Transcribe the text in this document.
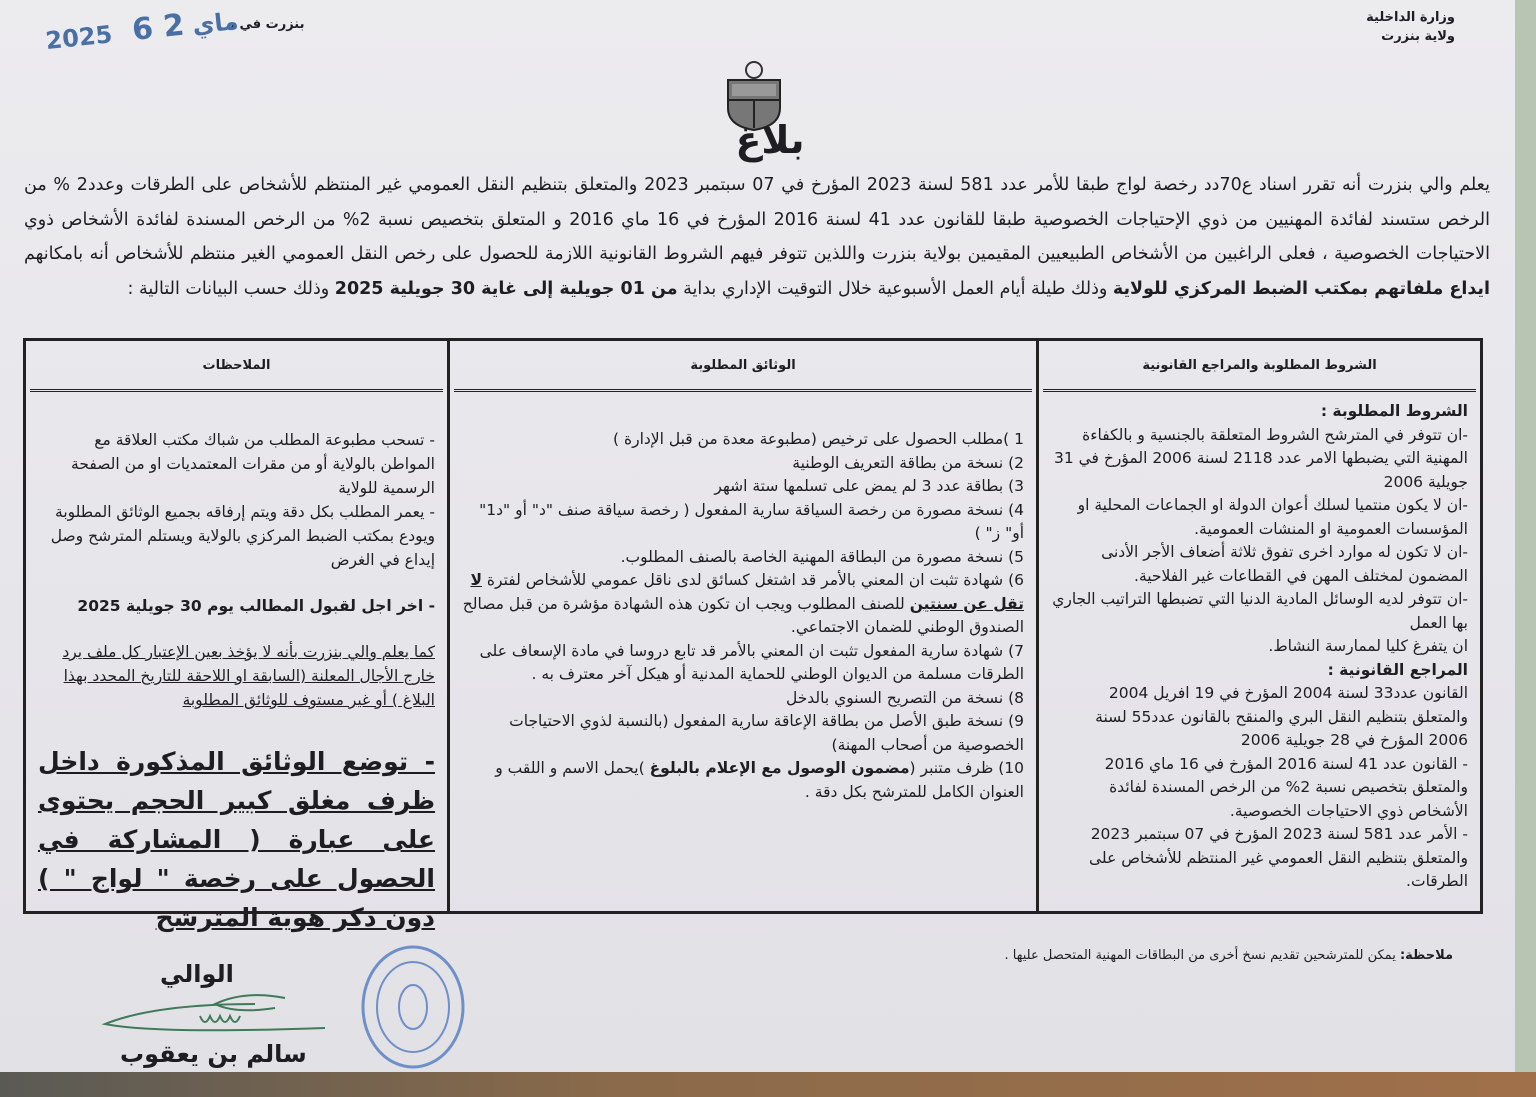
وزارة الداخلية
ولاية بنزرت
بنزرت في ،
2025	ماي 2 6
بلاغ
يعلم والي بنزرت أنه تقرر اسناد ع70دد رخصة لواج طبقا للأمر عدد 581 لسنة 2023 المؤرخ في 07 سبتمبر 2023 والمتعلق بتنظيم النقل العمومي غير المنتظم للأشخاص على الطرقات وعدد2 % من الرخص ستسند لفائدة المهنيين من ذوي الإحتياجات الخصوصية طبقا للقانون عدد 41 لسنة 2016 المؤرخ في 16 ماي 2016 و المتعلق بتخصيص نسبة 2% من الرخص المسندة لفائدة الأشخاص ذوي الاحتياجات الخصوصية ، فعلى الراغبين من الأشخاص الطبيعيين المقيمين بولاية بنزرت واللذين تتوفر فيهم الشروط القانونية اللازمة للحصول على رخص النقل العمومي الغير منتظم للأشخاص أنه بامكانهم ايداع ملفاتهم بمكتب الضبط المركزي للولاية وذلك طيلة أيام العمل الأسبوعية خلال التوقيت الإداري بداية من 01 جويلية إلى غاية 30 جويلية 2025 وذلك حسب البيانات التالية :
الشروط المطلوبة والمراجع القانونية

الشروط المطلوبة :

-ان تتوفر في المترشح الشروط المتعلقة بالجنسية و بالكفاءة المهنية التي يضبطها الامر عدد 2118 لسنة 2006 المؤرخ في 31 جويلية 2006

-ان لا يكون منتميا لسلك أعوان الدولة او الجماعات المحلية او المؤسسات العمومية او المنشات العمومية.

-ان لا تكون له موارد اخرى تفوق ثلاثة أضعاف الأجر الأدنى المضمون لمختلف المهن في القطاعات غير الفلاحية.

-ان تتوفر لديه الوسائل المادية الدنيا التي تضبطها التراتيب الجاري بها العمل

ان يتفرغ كليا لممارسة النشاط.

المراجع القانونية :

القانون عدد33 لسنة 2004 المؤرخ في 19 افريل 2004 والمتعلق بتنظيم النقل البري والمنقح بالقانون عدد55 لسنة 2006 المؤرخ في 28 جويلية 2006

- القانون عدد 41 لسنة 2016 المؤرخ في 16 ماي 2016 والمتعلق بتخصيص نسبة 2% من الرخص المسندة لفائدة الأشخاص ذوي الاحتياجات الخصوصية.

- الأمر عدد 581 لسنة 2023 المؤرخ في 07 سبتمبر 2023 والمتعلق بتنظيم النقل العمومي غير المنتظم للأشخاص على الطرقات.

الوثائق المطلوبة

1 )مطلب الحصول على ترخيص (مطبوعة معدة من قبل الإدارة )

2) نسخة من بطاقة التعريف الوطنية

3) بطاقة عدد 3 لم يمض على تسلمها ستة اشهر

4) نسخة مصورة من رخصة السياقة سارية المفعول ( رخصة سياقة صنف "د" أو "د1" أو" ز" )

5) نسخة مصورة من البطاقة المهنية الخاصة بالصنف المطلوب.

6) شهادة تثبت ان المعني بالأمر قد اشتغل كسائق لدى ناقل عمومي للأشخاص لفترة لا تقل عن سنتين للصنف المطلوب ويجب ان تكون هذه الشهادة مؤشرة من قبل مصالح الصندوق الوطني للضمان الاجتماعي.

7) شهادة سارية المفعول تثبت ان المعني بالأمر قد تابع دروسا في مادة الإسعاف على الطرقات مسلمة من الديوان الوطني للحماية المدنية أو هيكل آخر معترف به .

8) نسخة من التصريح السنوي بالدخل

9) نسخة طبق الأصل من بطاقة الإعاقة سارية المفعول (بالنسبة لذوي الاحتياجات الخصوصية من أصحاب المهنة)

10) ظرف متنبر (مضمون الوصول مع الإعلام بالبلوغ )يحمل الاسم و اللقب و العنوان الكامل للمترشح بكل دقة .

الملاحظات

- تسحب مطبوعة المطلب من شباك مكتب العلاقة مع المواطن بالولاية أو من مقرات المعتمديات او من الصفحة الرسمية للولاية

- يعمر المطلب بكل دقة ويتم إرفاقه بجميع الوثائق المطلوبة ويودع بمكتب الضبط المركزي بالولاية ويستلم المترشح وصل إيداع في الغرض

- اخر اجل لقبول المطالب يوم 30 جويلية 2025

كما يعلم والي بنزرت بأنه لا يؤخذ بعين الإعتبار كل ملف يرد خارج الأجال المعلنة (السابقة او اللاحقة للتاريخ المحدد بهذا البلاغ ) أو غير مستوف للوثائق المطلوبة

- توضع الوثائق المذكورة داخل ظرف مغلق كبير الحجم يحتوى على عبارة ( المشاركة في الحصول على رخصة " لواج " ) دون ذكر هوية المترشح

ملاحظة: يمكن للمترشحين تقديم نسخ أخرى من البطاقات المهنية المتحصل عليها .
الوالي
سالم بن يعقوب
